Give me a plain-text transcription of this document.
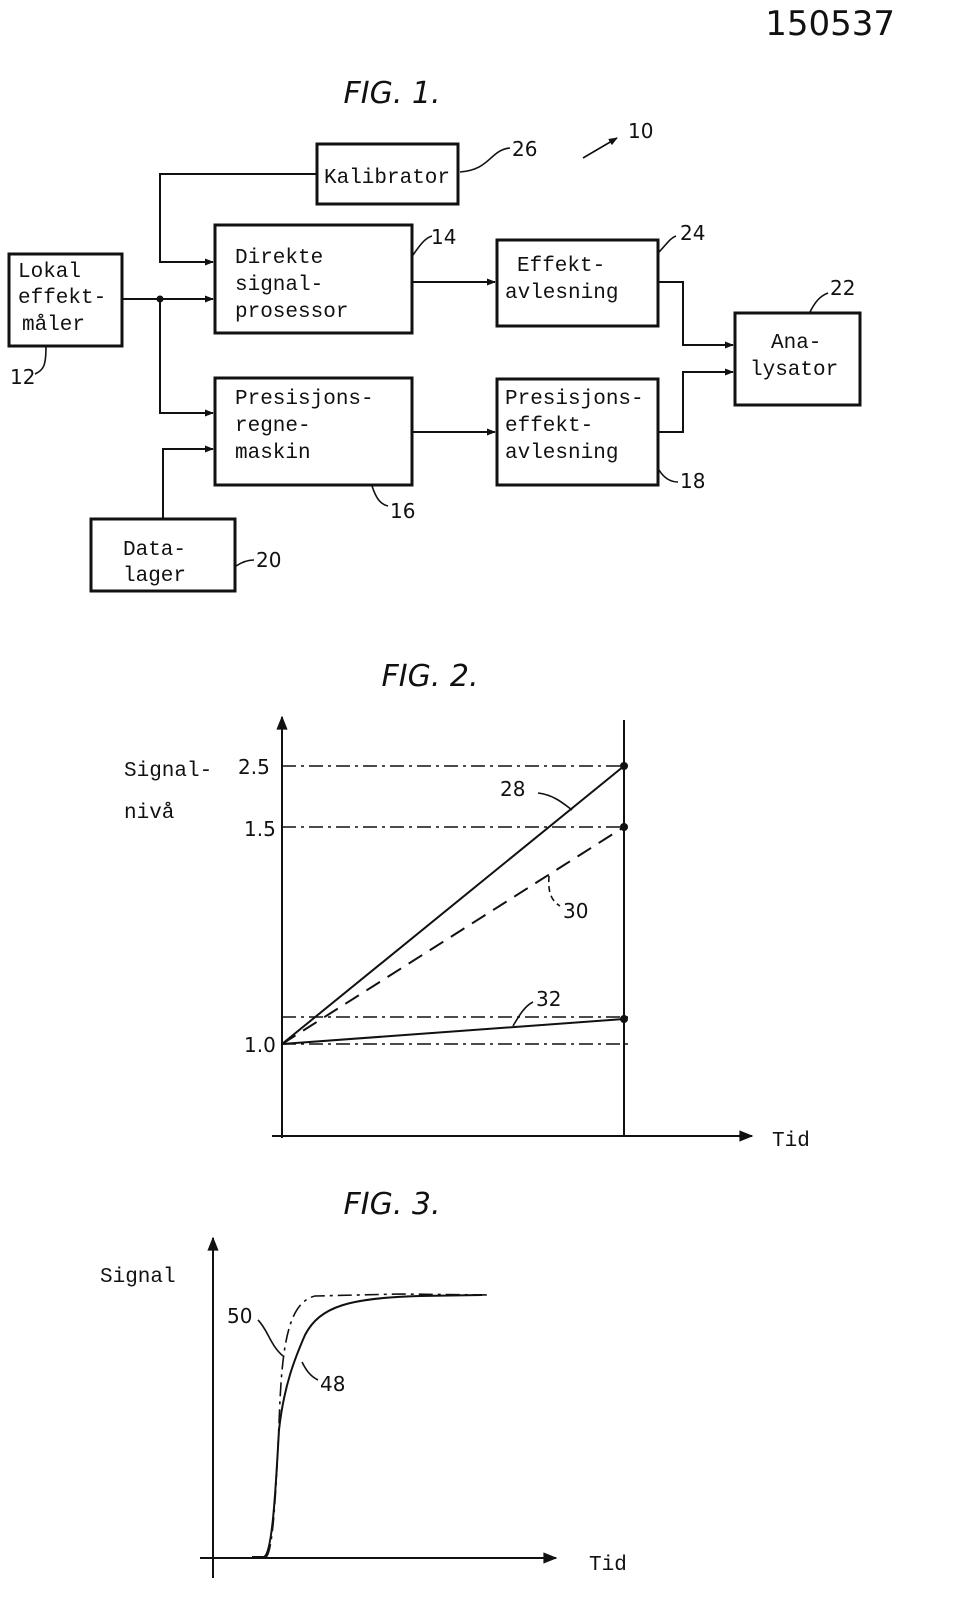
150537
FIG. 1.
10
Kalibrator
26
Lokal
effekt-
måler
12
Direkte
signal-
prosessor
14
Presisjons-
regne-
maskin
16
Effekt-
avlesning
24
Presisjons-
effekt-
avlesning
18
Ana-
lysator
22
Data-
lager
20
FIG. 2.
Signal-
nivå
2.5
1.5
1.0
28
30
32
Tid
FIG. 3.
Signal
50
48
Tid
